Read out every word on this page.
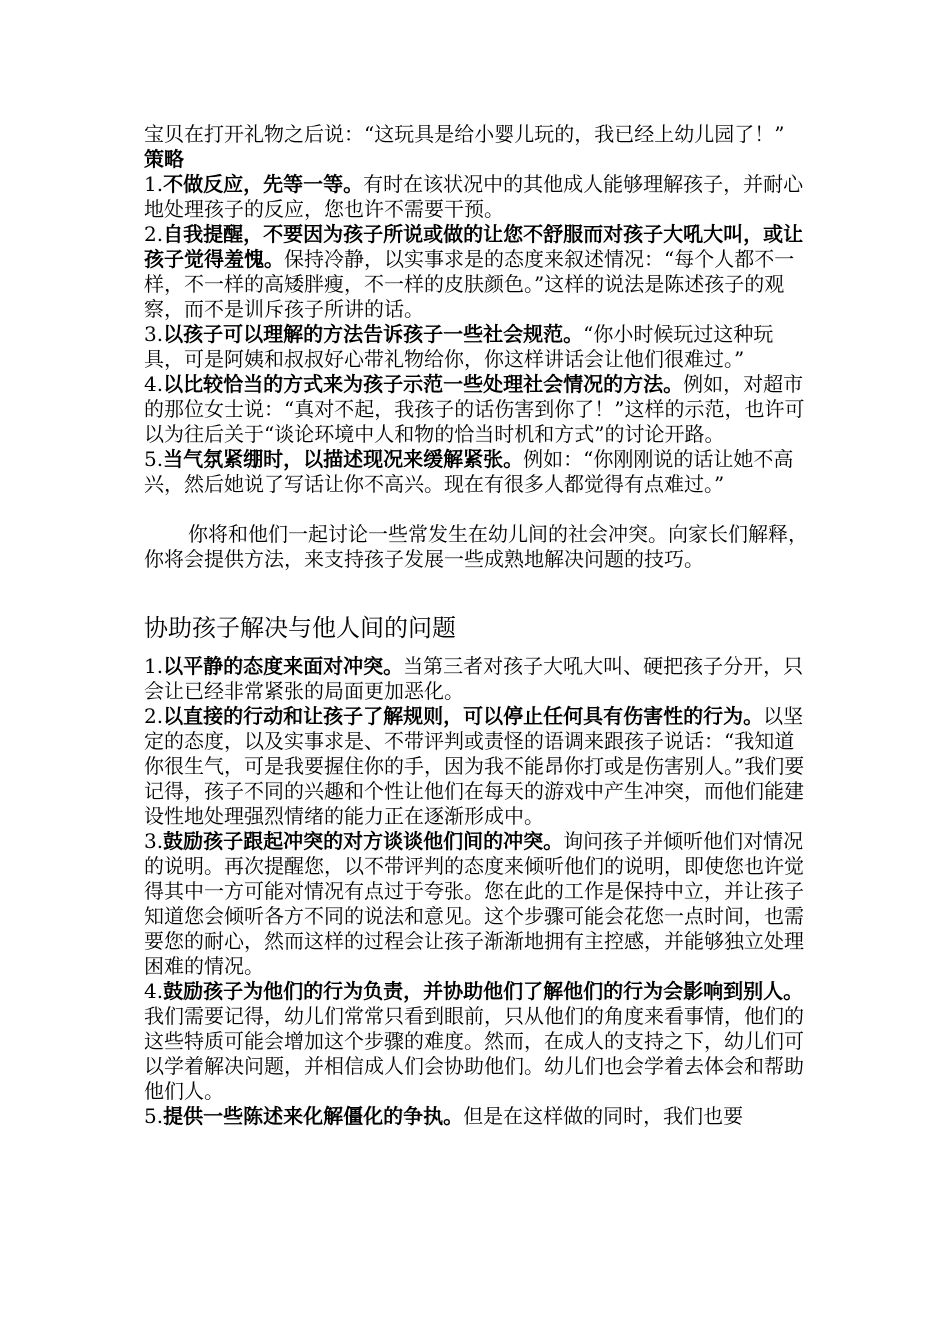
宝贝在打开礼物之后说：“这玩具是给小婴儿玩的，我已经上幼儿园了！”

策略

1.不做反应，先等一等。有时在该状况中的其他成人能够理解孩子，并耐心地处理孩子的反应，您也许不需要干预。

2.自我提醒，不要因为孩子所说或做的让您不舒服而对孩子大吼大叫，或让孩子觉得羞愧。保持冷静，以实事求是的态度来叙述情况：“每个人都不一样，不一样的高矮胖瘦，不一样的皮肤颜色。”这样的说法是陈述孩子的观察，而不是训斥孩子所讲的话。

3.以孩子可以理解的方法告诉孩子一些社会规范。“你小时候玩过这种玩具，可是阿姨和叔叔好心带礼物给你，你这样讲话会让他们很难过。”

4.以比较恰当的方式来为孩子示范一些处理社会情况的方法。例如，对超市的那位女士说：“真对不起，我孩子的话伤害到你了！”这样的示范，也许可以为往后关于“谈论环境中人和物的恰当时机和方式”的讨论开路。

5.当气氛紧绷时，以描述现况来缓解紧张。例如：“你刚刚说的话让她不高兴，然后她说了写话让你不高兴。现在有很多人都觉得有点难过。”

你将和他们一起讨论一些常发生在幼儿间的社会冲突。向家长们解释，你将会提供方法，来支持孩子发展一些成熟地解决问题的技巧。

协助孩子解决与他人间的问题

1.以平静的态度来面对冲突。当第三者对孩子大吼大叫、硬把孩子分开，只会让已经非常紧张的局面更加恶化。

2.以直接的行动和让孩子了解规则，可以停止任何具有伤害性的行为。以坚定的态度，以及实事求是、不带评判或责怪的语调来跟孩子说话：“我知道你很生气，可是我要握住你的手，因为我不能昂你打或是伤害别人。”我们要记得，孩子不同的兴趣和个性让他们在每天的游戏中产生冲突，而他们能建设性地处理强烈情绪的能力正在逐渐形成中。

3.鼓励孩子跟起冲突的对方谈谈他们间的冲突。询问孩子并倾听他们对情况的说明。再次提醒您，以不带评判的态度来倾听他们的说明，即使您也许觉得其中一方可能对情况有点过于夸张。您在此的工作是保持中立，并让孩子知道您会倾听各方不同的说法和意见。这个步骤可能会花您一点时间，也需要您的耐心，然而这样的过程会让孩子渐渐地拥有主控感，并能够独立处理困难的情况。

4.鼓励孩子为他们的行为负责，并协助他们了解他们的行为会影响到别人。我们需要记得，幼儿们常常只看到眼前，只从他们的角度来看事情，他们的这些特质可能会增加这个步骤的难度。然而，在成人的支持之下，幼儿们可以学着解决问题，并相信成人们会协助他们。幼儿们也会学着去体会和帮助他们人。

5.提供一些陈述来化解僵化的争执。但是在这样做的同时，我们也要
